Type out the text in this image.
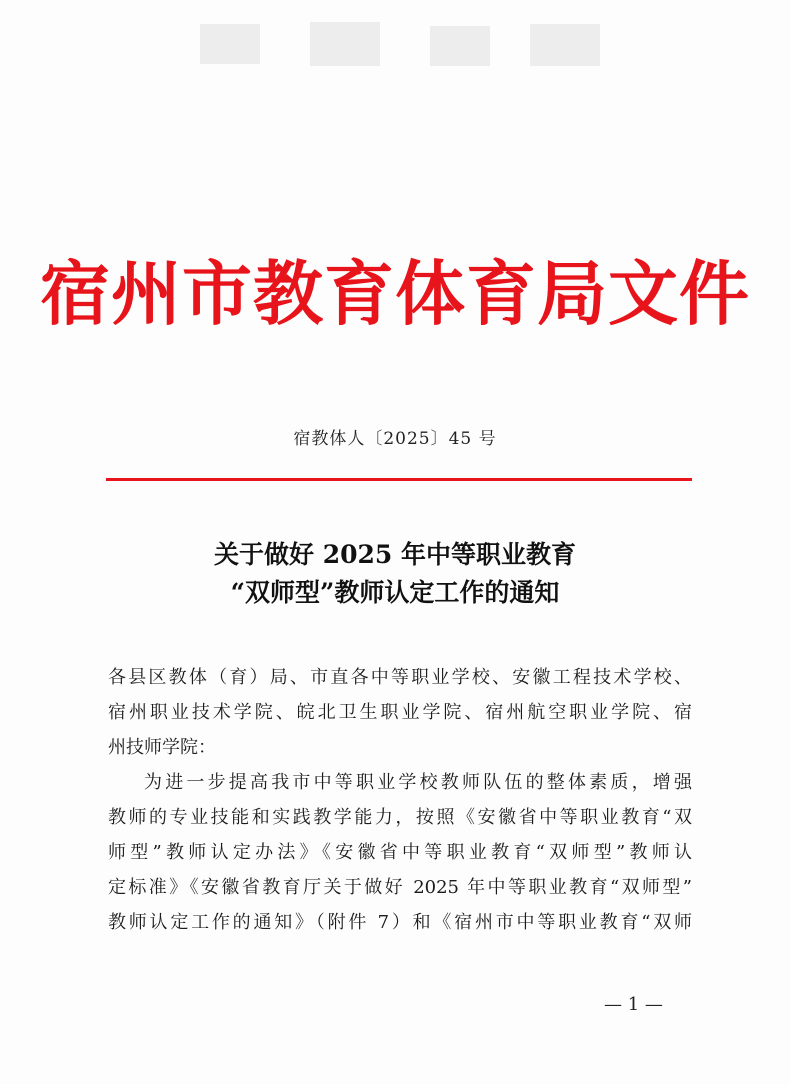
宿州市教育体育局文件
宿教体人〔2025〕45 号
关于做好 2025 年中等职业教育
“双师型”教师认定工作的通知
各县区教体（育）局、市直各中等职业学校、安徽工程技术学校、
宿州职业技术学院、皖北卫生职业学院、宿州航空职业学院、宿
州技师学院：
为进一步提高我市中等职业学校教师队伍的整体素质，增强
教师的专业技能和实践教学能力，按照《安徽省中等职业教育“双
师型”教师认定办法》《安徽省中等职业教育“双师型”教师认
定标准》《安徽省教育厅关于做好 2025 年中等职业教育“双师型”
教师认定工作的通知》（附件 7）和《宿州市中等职业教育“双师
— 1 —
